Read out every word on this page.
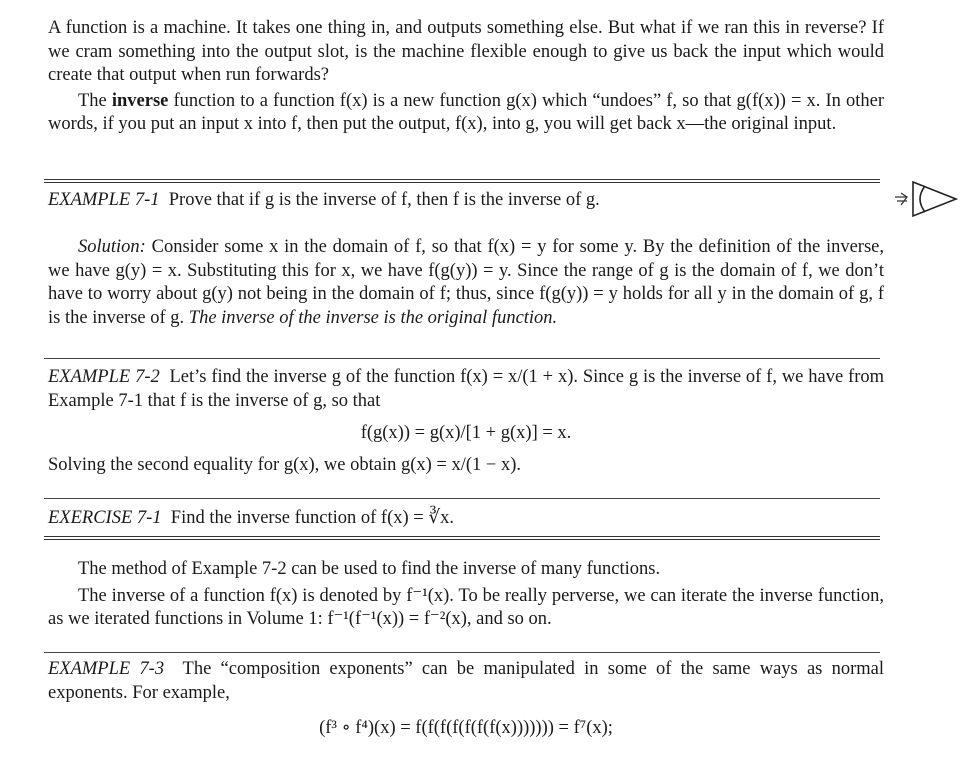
A function is a machine. It takes one thing in, and outputs something else. But what if we ran this in reverse? If we cram something into the output slot, is the machine flexible enough to give us back the input which would create that output when run forwards?

The inverse function to a function f(x) is a new function g(x) which “undoes” f, so that g(f(x)) = x. In other words, if you put an input x into f, then put the output, f(x), into g, you will get back x—the original input.

EXAMPLE 7-1 Prove that if g is the inverse of f, then f is the inverse of g.

Solution: Consider some x in the domain of f, so that f(x) = y for some y. By the definition of the inverse, we have g(y) = x. Substituting this for x, we have f(g(y)) = y. Since the range of g is the domain of f, we don’t have to worry about g(y) not being in the domain of f; thus, since f(g(y)) = y holds for all y in the domain of g, f is the inverse of g. The inverse of the inverse is the original function.

EXAMPLE 7-2 Let’s find the inverse g of the function f(x) = x/(1 + x). Since g is the inverse of f, we have from Example 7-1 that f is the inverse of g, so that

f(g(x)) = g(x)/[1 + g(x)] = x.

Solving the second equality for g(x), we obtain g(x) = x/(1 − x).

EXERCISE 7-1 Find the inverse function of f(x) = ∛x.

The method of Example 7-2 can be used to find the inverse of many functions.

The inverse of a function f(x) is denoted by f⁻¹(x). To be really perverse, we can iterate the inverse function, as we iterated functions in Volume 1: f⁻¹(f⁻¹(x)) = f⁻²(x), and so on.

EXAMPLE 7-3 The “composition exponents” can be manipulated in some of the same ways as normal exponents. For example,

(f³ ∘ f⁴)(x) = f(f(f(f(f(f(f(x))))))) = f⁷(x);
